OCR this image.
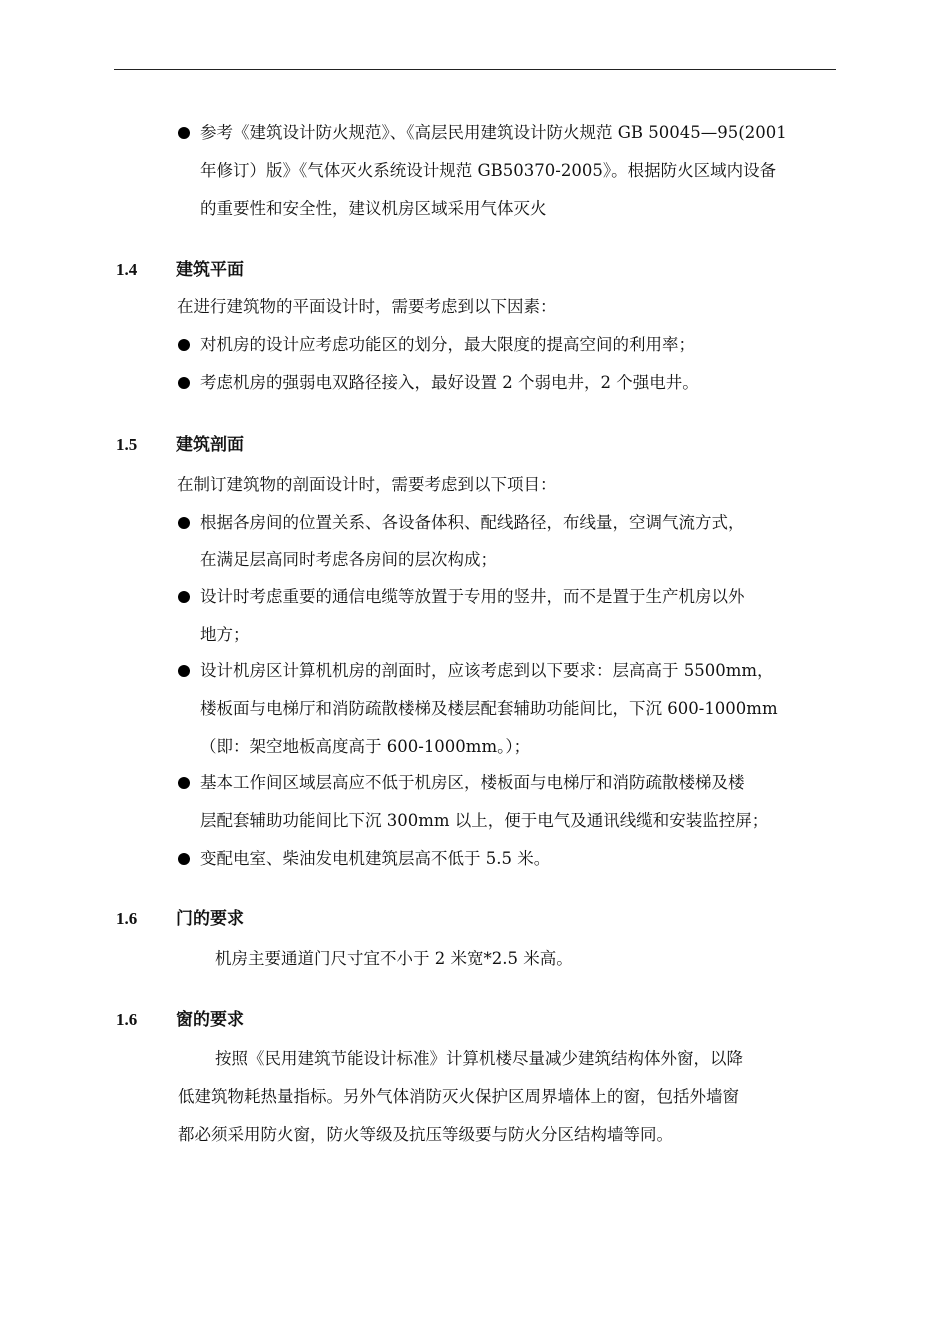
参考《建筑设计防火规范》、《高层民用建筑设计防火规范 GB 50045—95(2001
年修订）版》《气体灭火系统设计规范 GB50370-2005》。根据防火区域内设备
的重要性和安全性，建议机房区域采用气体灭火
1.4 建筑平面
在进行建筑物的平面设计时，需要考虑到以下因素：
对机房的设计应考虑功能区的划分，最大限度的提高空间的利用率；
考虑机房的强弱电双路径接入，最好设置 2 个弱电井，2 个强电井。
1.5 建筑剖面
在制订建筑物的剖面设计时，需要考虑到以下项目：
根据各房间的位置关系、各设备体积、配线路径，布线量，空调气流方式，
在满足层高同时考虑各房间的层次构成；
设计时考虑重要的通信电缆等放置于专用的竖井，而不是置于生产机房以外
地方；
设计机房区计算机机房的剖面时，应该考虑到以下要求：层高高于 5500mm，
楼板面与电梯厅和消防疏散楼梯及楼层配套辅助功能间比，下沉 600-1000mm
（即：架空地板高度高于 600-1000mm。）；
基本工作间区域层高应不低于机房区，楼板面与电梯厅和消防疏散楼梯及楼
层配套辅助功能间比下沉 300mm 以上，便于电气及通讯线缆和安装监控屏；
变配电室、柴油发电机建筑层高不低于 5.5 米。
1.6 门的要求
机房主要通道门尺寸宜不小于 2 米宽*2.5 米高。
1.6 窗的要求
按照《民用建筑节能设计标准》计算机楼尽量减少建筑结构体外窗，以降
低建筑物耗热量指标。另外气体消防灭火保护区周界墙体上的窗，包括外墙窗
都必须采用防火窗，防火等级及抗压等级要与防火分区结构墙等同。
